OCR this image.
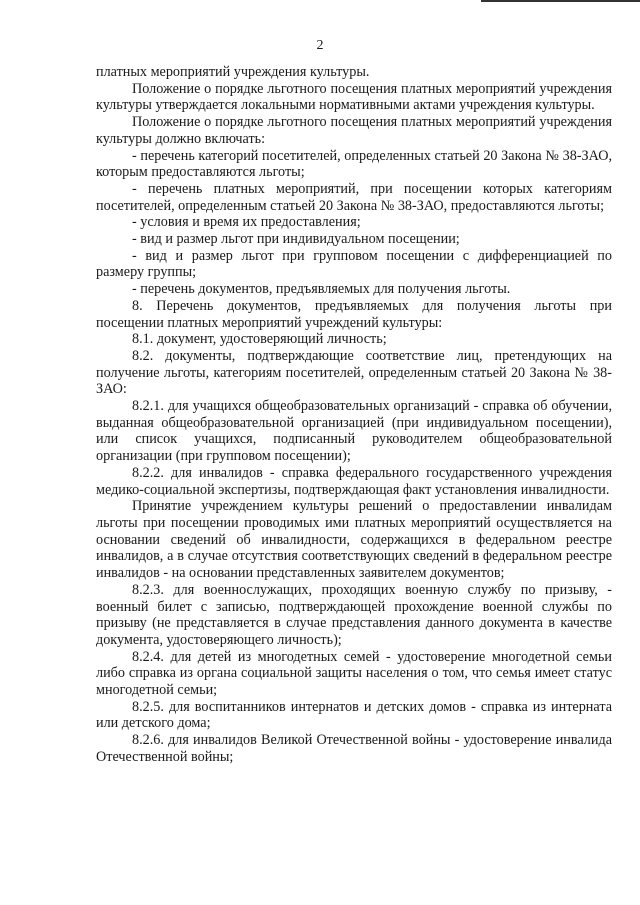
2

платных мероприятий учреждения культуры.

Положение о порядке льготного посещения платных мероприятий учреждения культуры утверждается локальными нормативными актами учреждения культуры.

Положение о порядке льготного посещения платных мероприятий учреждения культуры должно включать:

- перечень категорий посетителей, определенных статьей 20 Закона № 38-ЗАО, которым предоставляются льготы;

- перечень платных мероприятий, при посещении которых категориям посетителей, определенным статьей 20 Закона № 38-ЗАО, предоставляются льготы;

- условия и время их предоставления;

- вид и размер льгот при индивидуальном посещении;

- вид и размер льгот при групповом посещении с дифференциацией по размеру группы;

- перечень документов, предъявляемых для получения льготы.

8. Перечень документов, предъявляемых для получения льготы при посещении платных мероприятий учреждений культуры:

8.1. документ, удостоверяющий личность;

8.2. документы, подтверждающие соответствие лиц, претендующих на получение льготы, категориям посетителей, определенным статьей 20 Закона № 38-ЗАО:

8.2.1. для учащихся общеобразовательных организаций - справка об обучении, выданная общеобразовательной организацией (при индивидуальном посещении), или список учащихся, подписанный руководителем общеобразовательной организации (при групповом посещении);

8.2.2. для инвалидов - справка федерального государственного учреждения медико-социальной экспертизы, подтверждающая факт установления инвалидности.

Принятие учреждением культуры решений о предоставлении инвалидам льготы при посещении проводимых ими платных мероприятий осуществляется на основании сведений об инвалидности, содержащихся в федеральном реестре инвалидов, а в случае отсутствия соответствующих сведений в федеральном реестре инвалидов - на основании представленных заявителем документов;

8.2.3. для военнослужащих, проходящих военную службу по призыву, - военный билет с записью, подтверждающей прохождение военной службы по призыву (не представляется в случае представления данного документа в качестве документа, удостоверяющего личность);

8.2.4. для детей из многодетных семей - удостоверение многодетной семьи либо справка из органа социальной защиты населения о том, что семья имеет статус многодетной семьи;

8.2.5. для воспитанников интернатов и детских домов - справка из интерната или детского дома;

8.2.6. для инвалидов Великой Отечественной войны - удостоверение инвалида Отечественной войны;
